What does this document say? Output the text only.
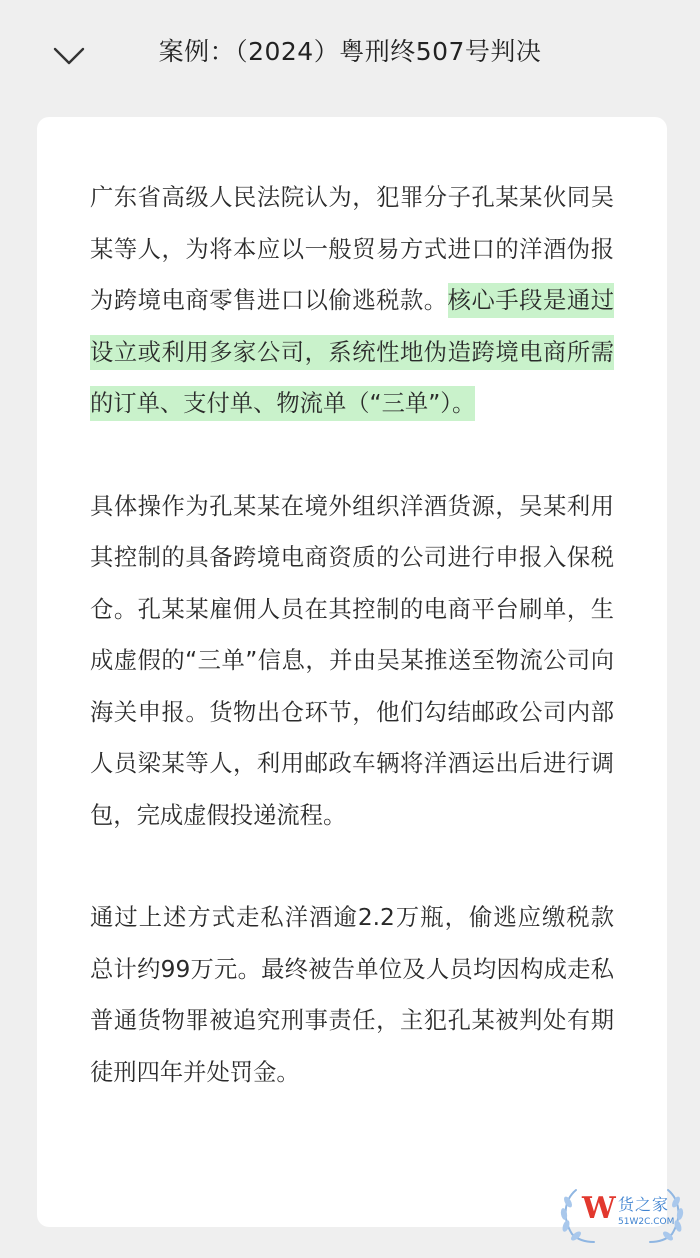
案例：（2024）粤刑终507号判决

广东省高级人民法院认为，犯罪分子孔某某伙同吴某等人，为将本应以一般贸易方式进口的洋酒伪报为跨境电商零售进口以偷逃税款。核心手段是通过设立或利用多家公司，系统性地伪造跨境电商所需的订单、支付单、物流单（“三单”）。

具体操作为孔某某在境外组织洋酒货源，吴某利用其控制的具备跨境电商资质的公司进行申报入保税仓。孔某某雇佣人员在其控制的电商平台刷单，生成虚假的“三单”信息，并由吴某推送至物流公司向海关申报。货物出仓环节，他们勾结邮政公司内部人员梁某等人，利用邮政车辆将洋酒运出后进行调包，完成虚假投递流程。

通过上述方式走私洋酒逾2.2万瓶，偷逃应缴税款总计约99万元。最终被告单位及人员均因构成走私普通货物罪被追究刑事责任，主犯孔某被判处有期徒刑四年并处罚金。

W 货之家
51W2C.COM
